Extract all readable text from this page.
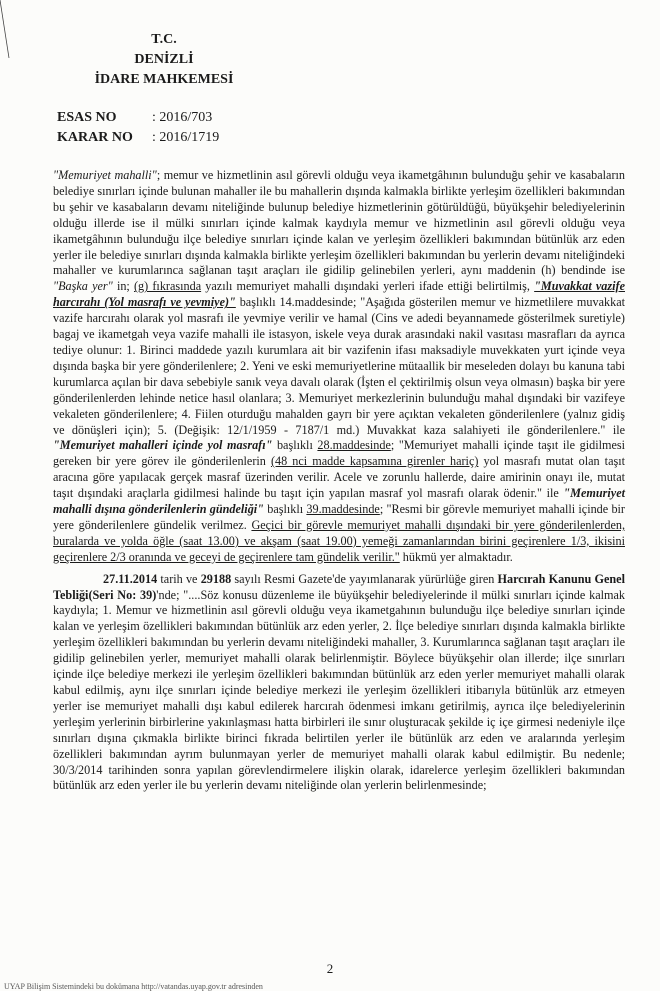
T.C.
DENİZLİ
İDARE MAHKEMESİ
ESAS NO	: 2016/703
KARAR NO : 2016/1719

"Memuriyet mahalli"; memur ve hizmetlinin asıl görevli olduğu veya ikametgâhının bulunduğu şehir ve kasabaların belediye sınırları içinde bulunan mahaller ile bu mahallerin dışında kalmakla birlikte yerleşim özellikleri bakımından bu şehir ve kasabaların devamı niteliğinde bulunup belediye hizmetlerinin götürüldüğü, büyükşehir belediyelerinin olduğu illerde ise il mülki sınırları içinde kalmak kaydıyla memur ve hizmetlinin asıl görevli olduğu veya ikametgâhının bulunduğu ilçe belediye sınırları içinde kalan ve yerleşim özellikleri bakımından bütünlük arz eden yerler ile belediye sınırları dışında kalmakla birlikte yerleşim özellikleri bakımından bu yerlerin devamı niteliğindeki mahaller ve kurumlarınca sağlanan taşıt araçları ile gidilip gelinebilen yerleri, aynı maddenin (h) bendinde ise "Başka yer" in; (g) fıkrasında yazılı memuriyet mahalli dışındaki yerleri ifade ettiği belirtilmiş, "Muvakkat vazife harcırahı (Yol masrafı ve yevmiye)" başlıklı 14.maddesinde; "Aşağıda gösterilen memur ve hizmetlilere muvakkat vazife harcırahı olarak yol masrafı ile yevmiye verilir ve hamal (Cins ve adedi beyannamede gösterilmek suretiyle) bagaj ve ikametgah veya vazife mahalli ile istasyon, iskele veya durak arasındaki nakil vasıtası masrafları da ayrıca tediye olunur: 1. Birinci maddede yazılı kurumlara ait bir vazifenin ifası maksadiyle muvekkaten yurt içinde veya dışında başka bir yere gönderilenlere; 2. Yeni ve eski memuriyetlerine mütaallik bir meseleden dolayı bu kanuna tabi kurumlarca açılan bir dava sebebiyle sanık veya davalı olarak (İşten el çektirilmiş olsun veya olmasın) başka bir yere gönderilenlerden lehinde netice hasıl olanlara; 3. Memuriyet merkezlerinin bulunduğu mahal dışındaki bir vazifeye vekaleten gönderilenlere; 4. Fiilen oturduğu mahalden gayrı bir yere açıktan vekaleten gönderilenlere (yalnız gidiş ve dönüşleri için); 5. (Değişik: 12/1/1959 - 7187/1 md.) Muvakkat kaza salahiyeti ile gönderilenlere." ile "Memuriyet mahalleri içinde yol masrafı" başlıklı 28.maddesinde; "Memuriyet mahalli içinde taşıt ile gidilmesi gereken bir yere görev ile gönderilenlerin (48 nci madde kapsamına girenler hariç) yol masrafı mutat olan taşıt aracına göre yapılacak gerçek masraf üzerinden verilir. Acele ve zorunlu hallerde, daire amirinin onayı ile, mutat taşıt dışındaki araçlarla gidilmesi halinde bu taşıt için yapılan masraf yol masrafı olarak ödenir." ile "Memuriyet mahalli dışına gönderilenlerin gündeliği" başlıklı 39.maddesinde; "Resmi bir görevle memuriyet mahalli içinde bir yere gönderilenlere gündelik verilmez. Geçici bir görevle memuriyet mahalli dışındaki bir yere gönderilenlerden, buralarda ve yolda öğle (saat 13.00) ve akşam (saat 19.00) yemeği zamanlarından birini geçirenlere 1/3, ikisini geçirenlere 2/3 oranında ve geceyi de geçirenlere tam gündelik verilir." hükmü yer almaktadır.

27.11.2014 tarih ve 29188 sayılı Resmi Gazete'de yayımlanarak yürürlüğe giren Harcırah Kanunu Genel Tebliği(Seri No: 39)'nde; "....Söz konusu düzenleme ile büyükşehir belediyelerinde il mülki sınırları içinde kalmak kaydıyla; 1. Memur ve hizmetlinin asıl görevli olduğu veya ikametgahının bulunduğu ilçe belediye sınırları içinde kalan ve yerleşim özellikleri bakımından bütünlük arz eden yerler, 2. İlçe belediye sınırları dışında kalmakla birlikte yerleşim özellikleri bakımından bu yerlerin devamı niteliğindeki mahaller, 3. Kurumlarınca sağlanan taşıt araçları ile gidilip gelinebilen yerler, memuriyet mahalli olarak belirlenmiştir. Böylece büyükşehir olan illerde; ilçe sınırları içinde ilçe belediye merkezi ile yerleşim özellikleri bakımından bütünlük arz eden yerler memuriyet mahalli olarak kabul edilmiş, aynı ilçe sınırları içinde belediye merkezi ile yerleşim özellikleri itibarıyla bütünlük arz etmeyen yerler ise memuriyet mahalli dışı kabul edilerek harcırah ödenmesi imkanı getirilmiş, ayrıca ilçe belediyelerinin yerleşim yerlerinin birbirlerine yakınlaşması hatta birbirleri ile sınır oluşturacak şekilde iç içe girmesi nedeniyle ilçe sınırları dışına çıkmakla birlikte birinci fıkrada belirtilen yerler ile bütünlük arz eden ve aralarında yerleşim özellikleri bakımından ayrım bulunmayan yerler de memuriyet mahalli olarak kabul edilmiştir. Bu nedenle; 30/3/2014 tarihinden sonra yapılan görevlendirmelere ilişkin olarak, idarelerce yerleşim özellikleri bakımından bütünlük arz eden yerler ile bu yerlerin devamı niteliğinde olan yerlerin belirlenmesinde;

2
UYAP Bilişim Sistemindeki bu dokümana http://vatandas.uyap.gov.tr adresinden
